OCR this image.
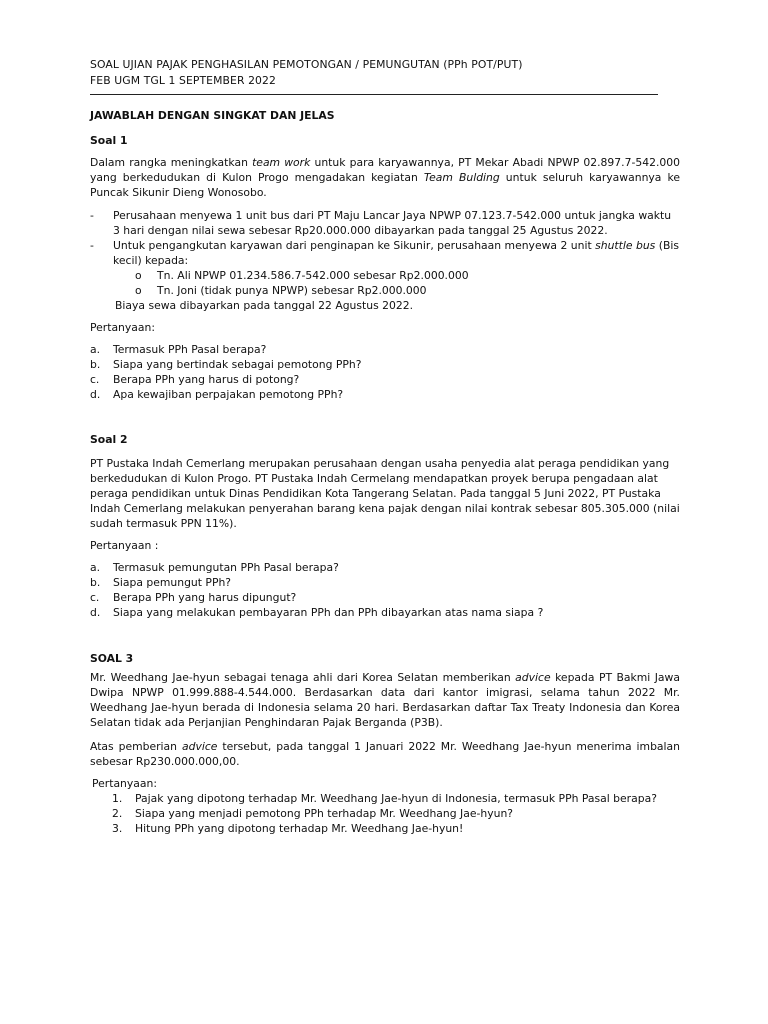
SOAL UJIAN PAJAK PENGHASILAN PEMOTONGAN / PEMUNGUTAN (PPh POT/PUT)
FEB UGM TGL 1 SEPTEMBER 2022
JAWABLAH DENGAN SINGKAT DAN JELAS
Soal 1
Dalam rangka meningkatkan team work untuk para karyawannya, PT Mekar Abadi NPWP 02.897.7-542.000 yang berkedudukan di Kulon Progo mengadakan kegiatan Team Bulding untuk seluruh karyawannya ke Puncak Sikunir Dieng Wonosobo.
- Perusahaan menyewa 1 unit bus dari PT Maju Lancar Jaya NPWP 07.123.7-542.000 untuk jangka waktu 3 hari dengan nilai sewa sebesar Rp20.000.000 dibayarkan pada tanggal 25 Agustus 2022.
- Untuk pengangkutan karyawan dari penginapan ke Sikunir, perusahaan menyewa 2 unit shuttle bus (Bis kecil) kepada:
o Tn. Ali NPWP 01.234.586.7-542.000 sebesar Rp2.000.000
o Tn. Joni (tidak punya NPWP) sebesar Rp2.000.000
Biaya sewa dibayarkan pada tanggal 22 Agustus 2022.
Pertanyaan:
a. Termasuk PPh Pasal berapa?
b. Siapa yang bertindak sebagai pemotong PPh?
c. Berapa PPh yang harus di potong?
d. Apa kewajiban perpajakan pemotong PPh?
Soal 2
PT Pustaka Indah Cemerlang merupakan perusahaan dengan usaha penyedia alat peraga pendidikan yang berkedudukan di Kulon Progo. PT Pustaka Indah Cermelang mendapatkan proyek berupa pengadaan alat peraga pendidikan untuk Dinas Pendidikan Kota Tangerang Selatan. Pada tanggal 5 Juni 2022, PT Pustaka Indah Cemerlang melakukan penyerahan barang kena pajak dengan nilai kontrak sebesar 805.305.000 (nilai sudah termasuk PPN 11%).
Pertanyaan :
a. Termasuk pemungutan PPh Pasal berapa?
b. Siapa pemungut PPh?
c. Berapa PPh yang harus dipungut?
d. Siapa yang melakukan pembayaran PPh dan PPh dibayarkan atas nama siapa ?
SOAL 3
Mr. Weedhang Jae-hyun sebagai tenaga ahli dari Korea Selatan memberikan advice kepada PT Bakmi Jawa Dwipa NPWP 01.999.888-4.544.000. Berdasarkan data dari kantor imigrasi, selama tahun 2022 Mr. Weedhang Jae-hyun berada di Indonesia selama 20 hari. Berdasarkan daftar Tax Treaty Indonesia dan Korea Selatan tidak ada Perjanjian Penghindaran Pajak Berganda (P3B).
Atas pemberian advice tersebut, pada tanggal 1 Januari 2022 Mr. Weedhang Jae-hyun menerima imbalan sebesar Rp230.000.000,00.
Pertanyaan:
1. Pajak yang dipotong terhadap Mr. Weedhang Jae-hyun di Indonesia, termasuk PPh Pasal berapa?
2. Siapa yang menjadi pemotong PPh terhadap Mr. Weedhang Jae-hyun?
3. Hitung PPh yang dipotong terhadap Mr. Weedhang Jae-hyun!
